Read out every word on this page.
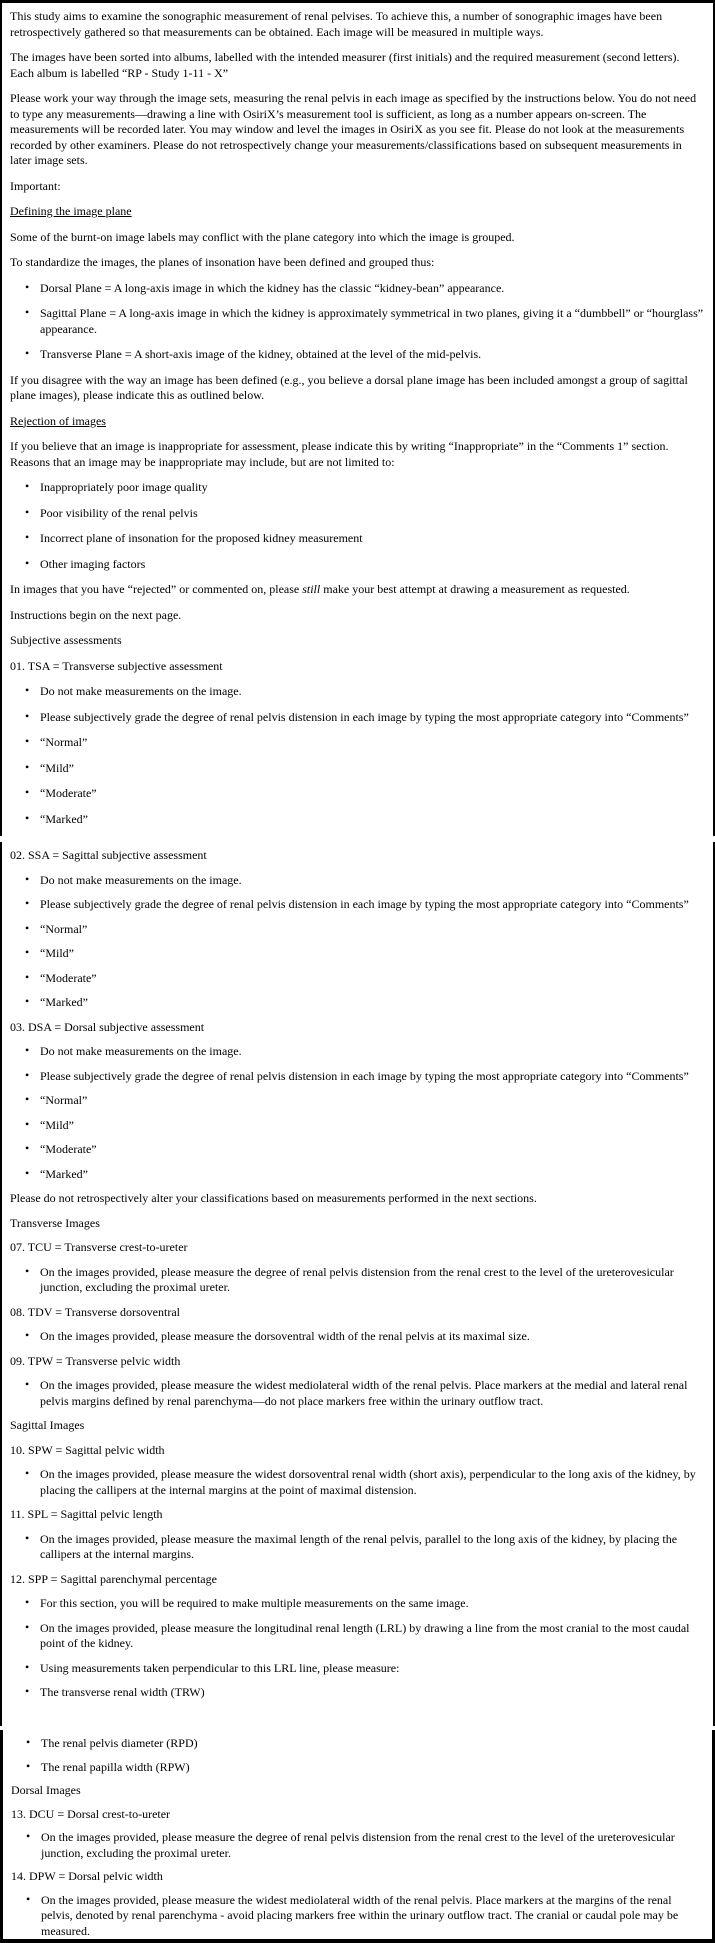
This study aims to examine the sonographic measurement of renal pelvises. To achieve this, a number of sonographic images have been retrospectively gathered so that measurements can be obtained. Each image will be measured in multiple ways.

The images have been sorted into albums, labelled with the intended measurer (first initials) and the required measurement (second letters). Each album is labelled “RP - Study 1-11 - X”

Please work your way through the image sets, measuring the renal pelvis in each image as specified by the instructions below. You do not need to type any measurements—drawing a line with OsiriX’s measurement tool is sufficient, as long as a number appears on-screen. The measurements will be recorded later. You may window and level the images in OsiriX as you see fit. Please do not look at the measurements recorded by other examiners. Please do not retrospectively change your measurements/classifications based on subsequent measurements in later image sets.

Important:

Defining the image plane

Some of the burnt-on image labels may conflict with the plane category into which the image is grouped.

To standardize the images, the planes of insonation have been defined and grouped thus:

• Dorsal Plane = A long-axis image in which the kidney has the classic “kidney-bean” appearance.
• Sagittal Plane = A long-axis image in which the kidney is approximately symmetrical in two planes, giving it a “dumbbell” or “hourglass” appearance.
• Transverse Plane = A short-axis image of the kidney, obtained at the level of the mid-pelvis.

If you disagree with the way an image has been defined (e.g., you believe a dorsal plane image has been included amongst a group of sagittal plane images), please indicate this as outlined below.

Rejection of images

If you believe that an image is inappropriate for assessment, please indicate this by writing “Inappropriate” in the “Comments 1” section. Reasons that an image may be inappropriate may include, but are not limited to:

• Inappropriately poor image quality
• Poor visibility of the renal pelvis
• Incorrect plane of insonation for the proposed kidney measurement
• Other imaging factors

In images that you have “rejected” or commented on, please still make your best attempt at drawing a measurement as requested.

Instructions begin on the next page.

Subjective assessments

01. TSA = Transverse subjective assessment

• Do not make measurements on the image.
• Please subjectively grade the degree of renal pelvis distension in each image by typing the most appropriate category into “Comments”
• “Normal”
• “Mild”
• “Moderate”
• “Marked”

02. SSA = Sagittal subjective assessment

• Do not make measurements on the image.
• Please subjectively grade the degree of renal pelvis distension in each image by typing the most appropriate category into “Comments”
• “Normal”
• “Mild”
• “Moderate”
• “Marked”

03. DSA = Dorsal subjective assessment

• Do not make measurements on the image.
• Please subjectively grade the degree of renal pelvis distension in each image by typing the most appropriate category into “Comments”
• “Normal”
• “Mild”
• “Moderate”
• “Marked”

Please do not retrospectively alter your classifications based on measurements performed in the next sections.

Transverse Images

07. TCU = Transverse crest-to-ureter

• On the images provided, please measure the degree of renal pelvis distension from the renal crest to the level of the ureterovesicular junction, excluding the proximal ureter.

08. TDV = Transverse dorsoventral

• On the images provided, please measure the dorsoventral width of the renal pelvis at its maximal size.

09. TPW = Transverse pelvic width

• On the images provided, please measure the widest mediolateral width of the renal pelvis. Place markers at the medial and lateral renal pelvis margins defined by renal parenchyma—do not place markers free within the urinary outflow tract.

Sagittal Images

10. SPW = Sagittal pelvic width

• On the images provided, please measure the widest dorsoventral renal width (short axis), perpendicular to the long axis of the kidney, by placing the callipers at the internal margins at the point of maximal distension.

11. SPL = Sagittal pelvic length

• On the images provided, please measure the maximal length of the renal pelvis, parallel to the long axis of the kidney, by placing the callipers at the internal margins.

12. SPP = Sagittal parenchymal percentage

• For this section, you will be required to make multiple measurements on the same image.
• On the images provided, please measure the longitudinal renal length (LRL) by drawing a line from the most cranial to the most caudal point of the kidney.
• Using measurements taken perpendicular to this LRL line, please measure:
• The transverse renal width (TRW)
• The renal pelvis diameter (RPD)
• The renal papilla width (RPW)

Dorsal Images

13. DCU = Dorsal crest-to-ureter

• On the images provided, please measure the degree of renal pelvis distension from the renal crest to the level of the ureterovesicular junction, excluding the proximal ureter.

14. DPW = Dorsal pelvic width

• On the images provided, please measure the widest mediolateral width of the renal pelvis. Place markers at the margins of the renal pelvis, denoted by renal parenchyma - avoid placing markers free within the urinary outflow tract. The cranial or caudal pole may be measured.
